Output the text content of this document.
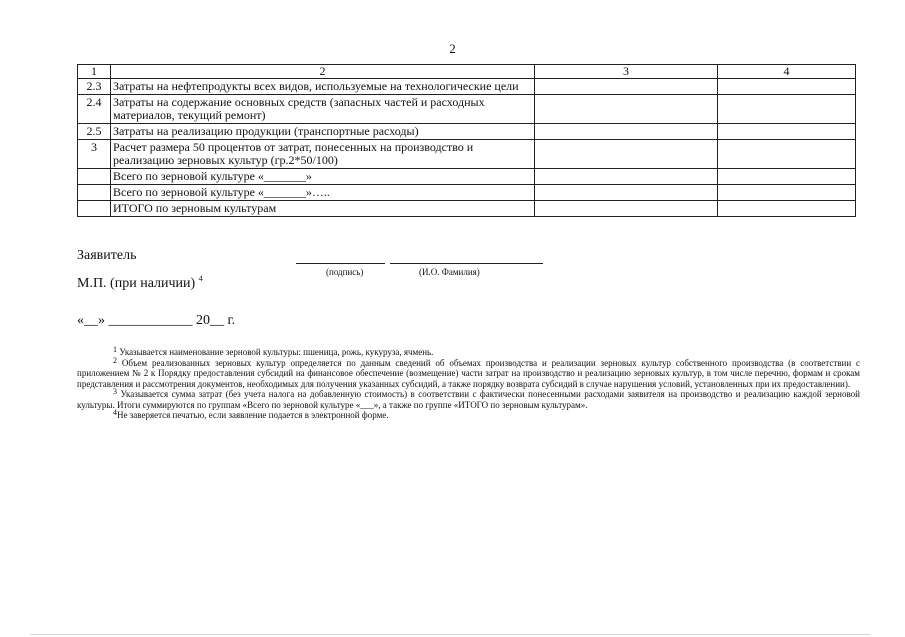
2
1	2	3	4
2.3	Затраты на нефтепродукты всех видов, используемые на технологические цели		
2.4	Затраты на содержание основных средств (запасных частей и расходных материалов, текущий ремонт)		
2.5	Затраты на реализацию продукции (транспортные расходы)		
3	Расчет размера 50 процентов от затрат, понесенных на производство и реализацию зерновых культур (гр.2*50/100)		
	Всего по зерновой культуре «_______»		
	Всего по зерновой культуре «_______»…..		
	ИТОГО по зерновым культурам		
Заявитель
(подпись)	(И.О. Фамилия)
М.П. (при наличии) $^4$
«__» ____________ 20__ г.

$^1$ Указывается наименование зерновой культуры: пшеница, рожь, кукуруза, ячмень.

$^2$ Объем реализованных зерновых культур определяется по данным сведений об объемах производства и реализации зерновых культур собственного производства (в соответствии с приложением № 2 к Порядку предоставления субсидий на финансовое обеспечение (возмещение) части затрат на производство и реализацию зерновых культур, в том числе перечню, формам и срокам представления и рассмотрения документов, необходимых для получения указанных субсидий, а также порядку возврата субсидий в случае нарушения условий, установленных при их предоставлении).

$^3$ Указывается сумма затрат (без учета налога на добавленную стоимость) в соответствии с фактически понесенными расходами заявителя на производство и реализацию каждой зерновой культуры. Итоги суммируются по группам «Всего по зерновой культуре «___», а также по группе «ИТОГО по зерновым культурам».

$^4$Не заверяется печатью, если заявление подается в электронной форме.
